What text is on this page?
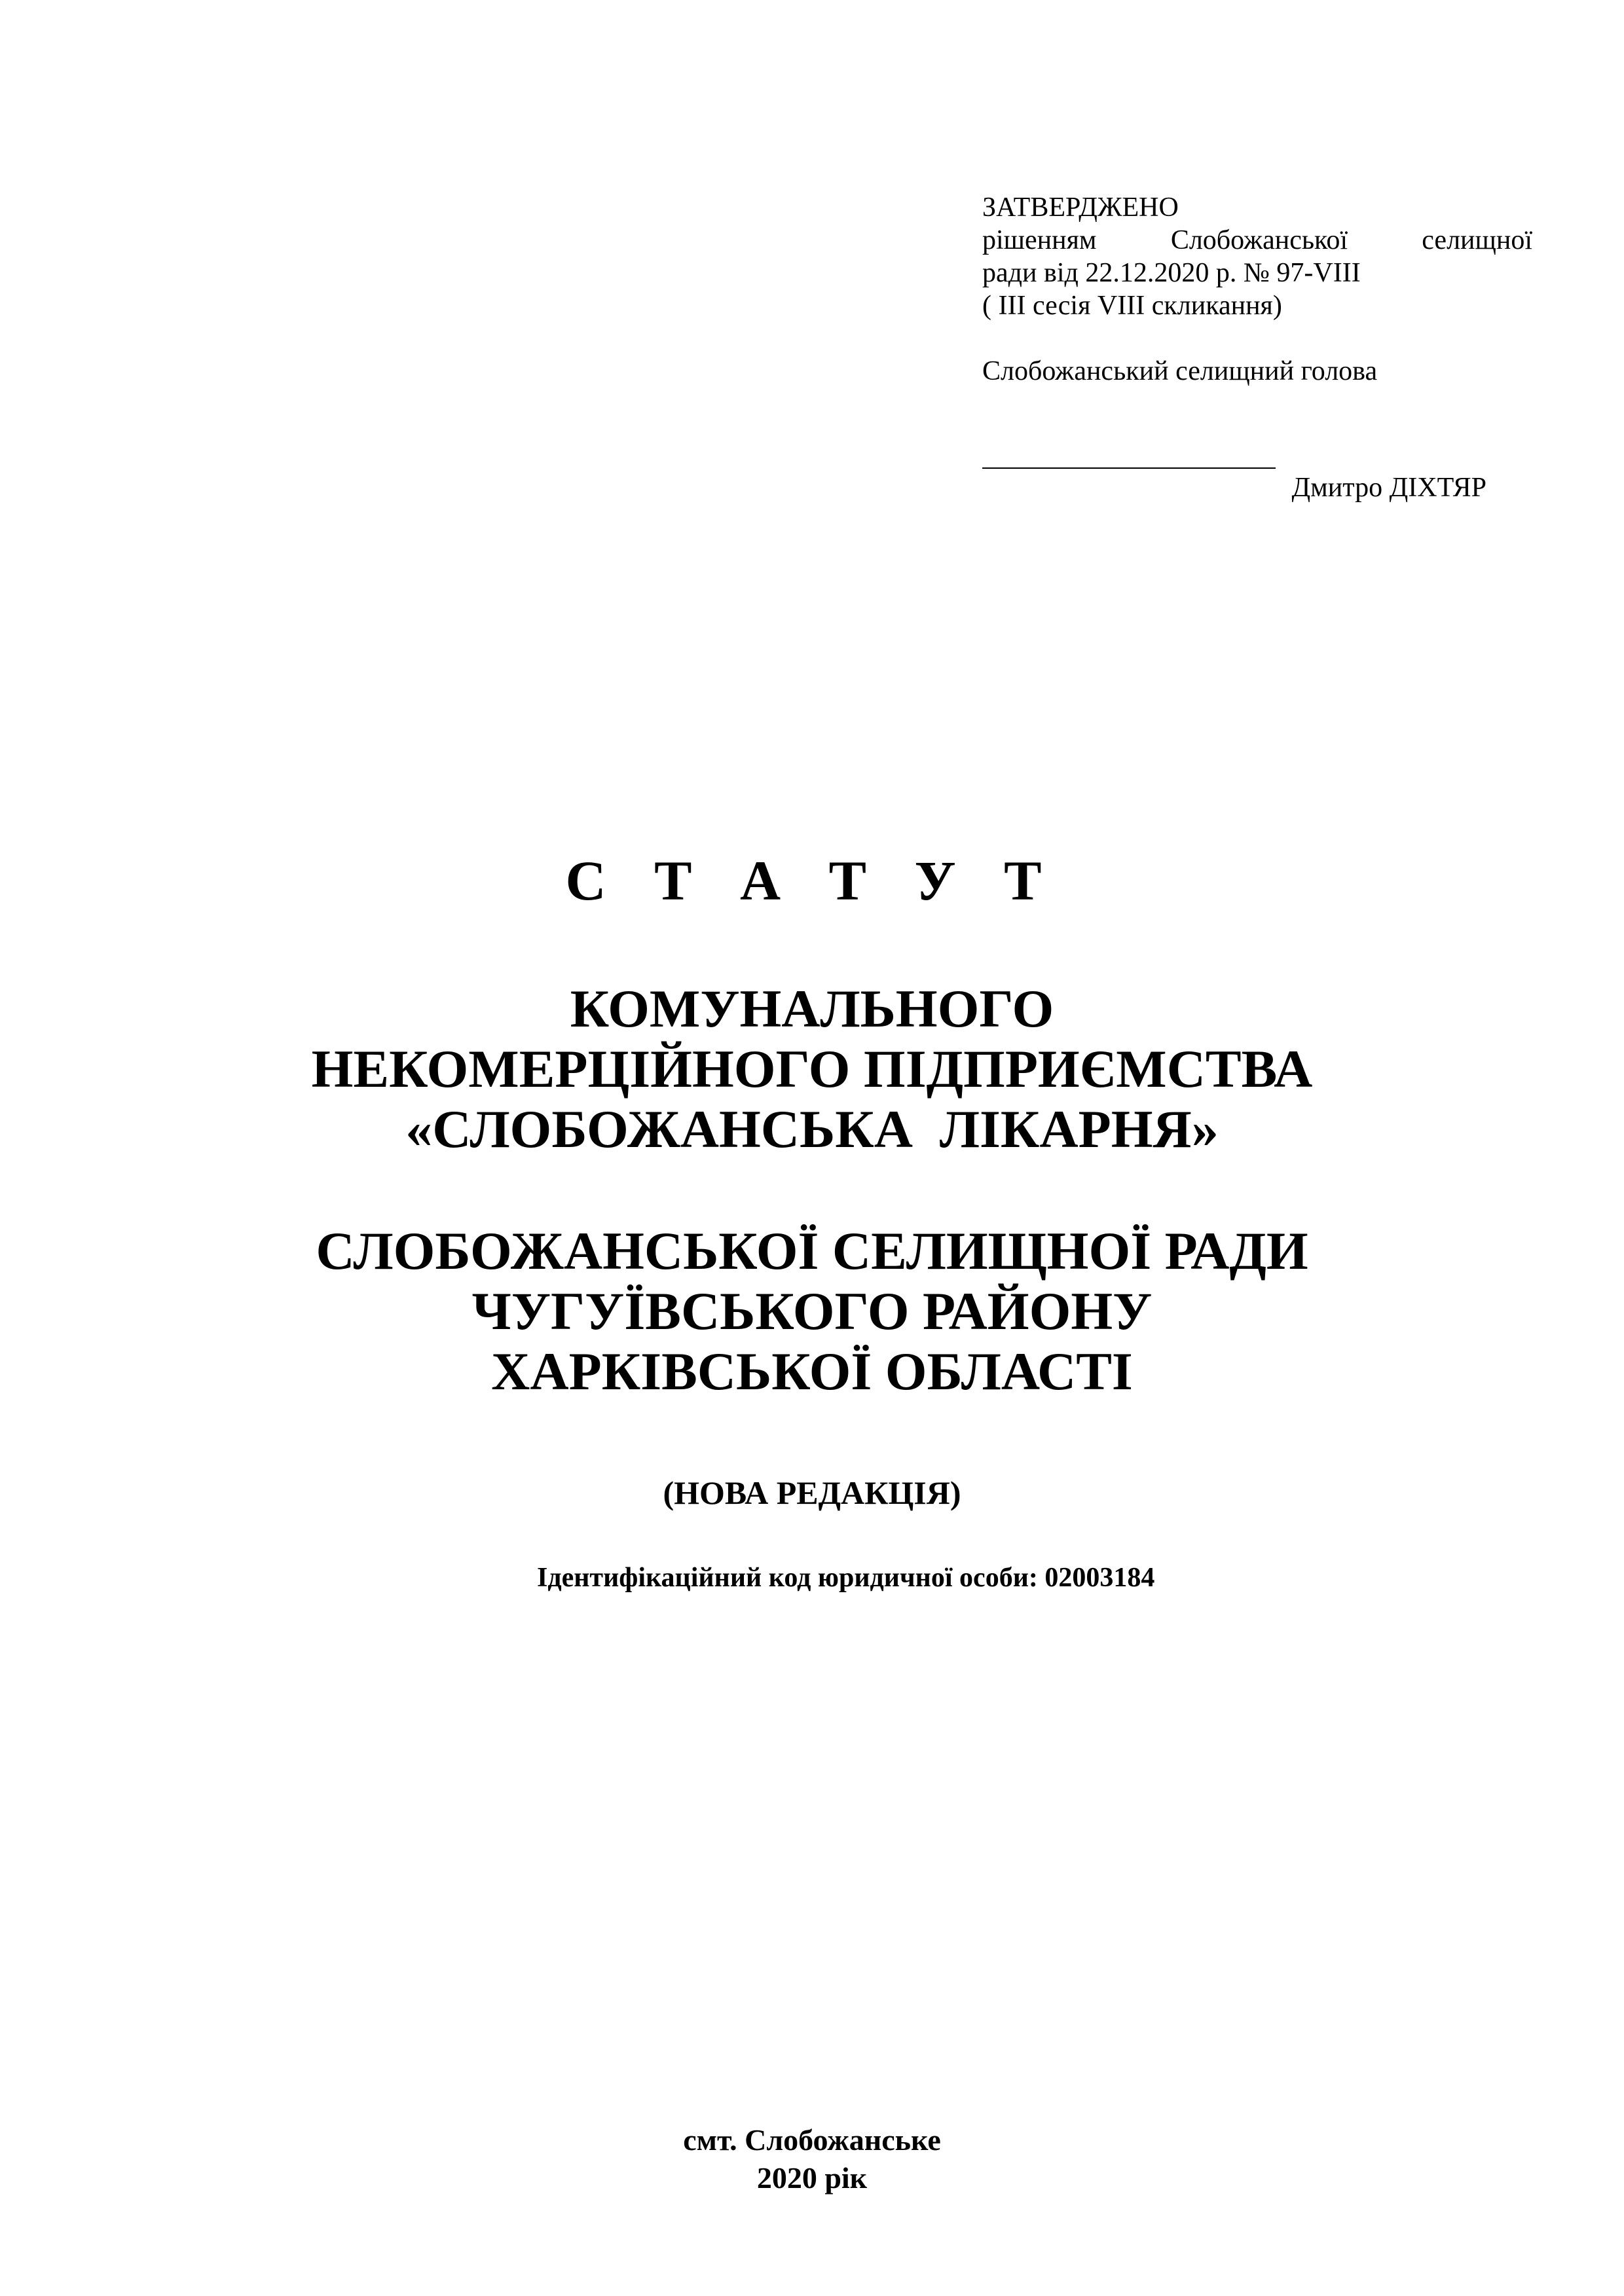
ЗАТВЕРДЖЕНО
рішенням	Слобожанської	селищної
ради від 22.12.2020 р. № 97-VIII
( ІІІ сесія VІІІ скликання)
Слобожанський селищний голова
Дмитро ДІХТЯР
С Т А Т У Т
КОМУНАЛЬНОГО
НЕКОМЕРЦІЙНОГО ПІДПРИЄМСТВА
«СЛОБОЖАНСЬКА  ЛІКАРНЯ»
СЛОБОЖАНСЬКОЇ СЕЛИЩНОЇ РАДИ
ЧУГУЇВСЬКОГО РАЙОНУ
ХАРКІВСЬКОЇ ОБЛАСТІ
(НОВА РЕДАКЦІЯ)
Ідентифікаційний код юридичної особи: 02003184
смт. Слобожанське
2020 рік
